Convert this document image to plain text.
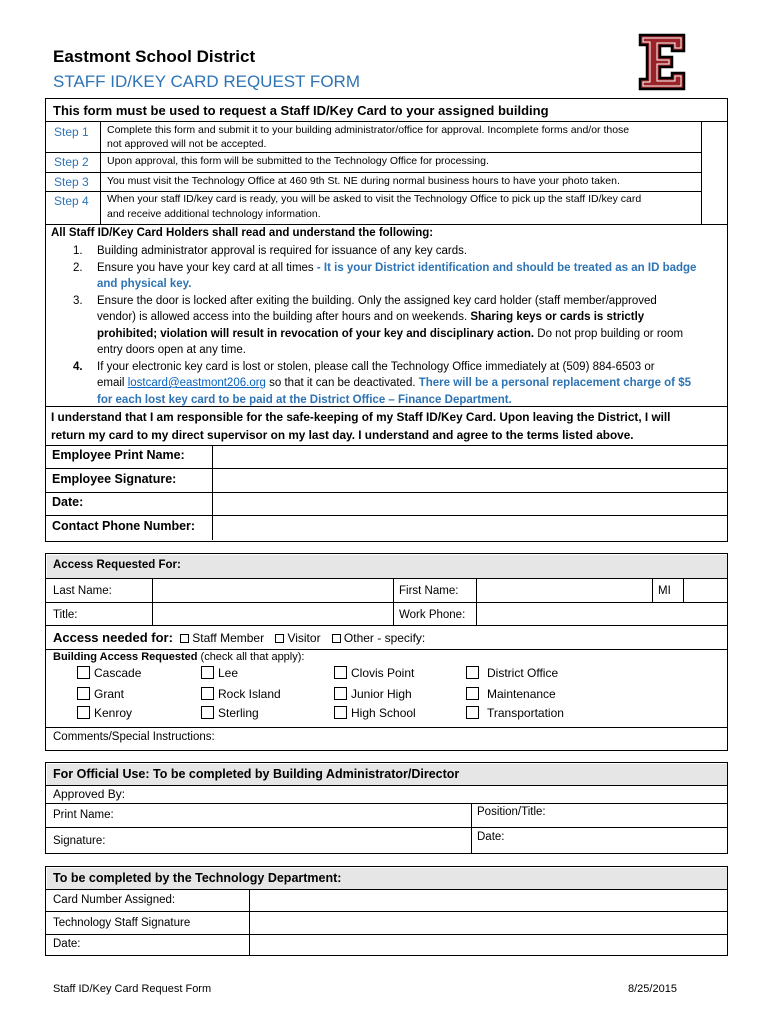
Eastmont School District
STAFF ID/KEY CARD REQUEST FORM
This form must be used to request a Staff ID/Key Card to your assigned building
Step 1 Complete this form and submit it to your building administrator/office for approval. Incomplete forms and/or those
not approved will not be accepted.
Step 2 Upon approval, this form will be submitted to the Technology Office for processing.
Step 3 You must visit the Technology Office at 460 9th St. NE during normal business hours to have your photo taken.
Step 4 When your staff ID/key card is ready, you will be asked to visit the Technology Office to pick up the staff ID/key card
and receive additional technology information.
All Staff ID/Key Card Holders shall read and understand the following:
1. Building administrator approval is required for issuance of any key cards.
2. Ensure you have your key card at all times - It is your District identification and should be treated as an ID badge
and physical key.
3. Ensure the door is locked after exiting the building. Only the assigned key card holder (staff member/approved
vendor) is allowed access into the building after hours and on weekends. Sharing keys or cards is strictly
prohibited; violation will result in revocation of your key and disciplinary action. Do not prop building or room
entry doors open at any time.
4. If your electronic key card is lost or stolen, please call the Technology Office immediately at (509) 884-6503 or
email lostcard@eastmont206.org so that it can be deactivated. There will be a personal replacement charge of $5
for each lost key card to be paid at the District Office – Finance Department.
I understand that I am responsible for the safe-keeping of my Staff ID/Key Card. Upon leaving the District, I will
return my card to my direct supervisor on my last day. I understand and agree to the terms listed above.
Employee Print Name:
Employee Signature:
Date:
Contact Phone Number:
Access Requested For:
Last Name:	First Name:	MI
Title:	Work Phone:
Access needed for: Staff Member Visitor Other - specify:
Building Access Requested (check all that apply):
Cascade	Lee	Clovis Point	District Office
Grant	Rock Island	Junior High	Maintenance
Kenroy	Sterling	High School	Transportation
Comments/Special Instructions:
For Official Use: To be completed by Building Administrator/Director
Approved By:
Print Name:	Position/Title:
Signature:	Date:
To be completed by the Technology Department:
Card Number Assigned:
Technology Staff Signature
Date:
Staff ID/Key Card Request Form	8/25/2015
